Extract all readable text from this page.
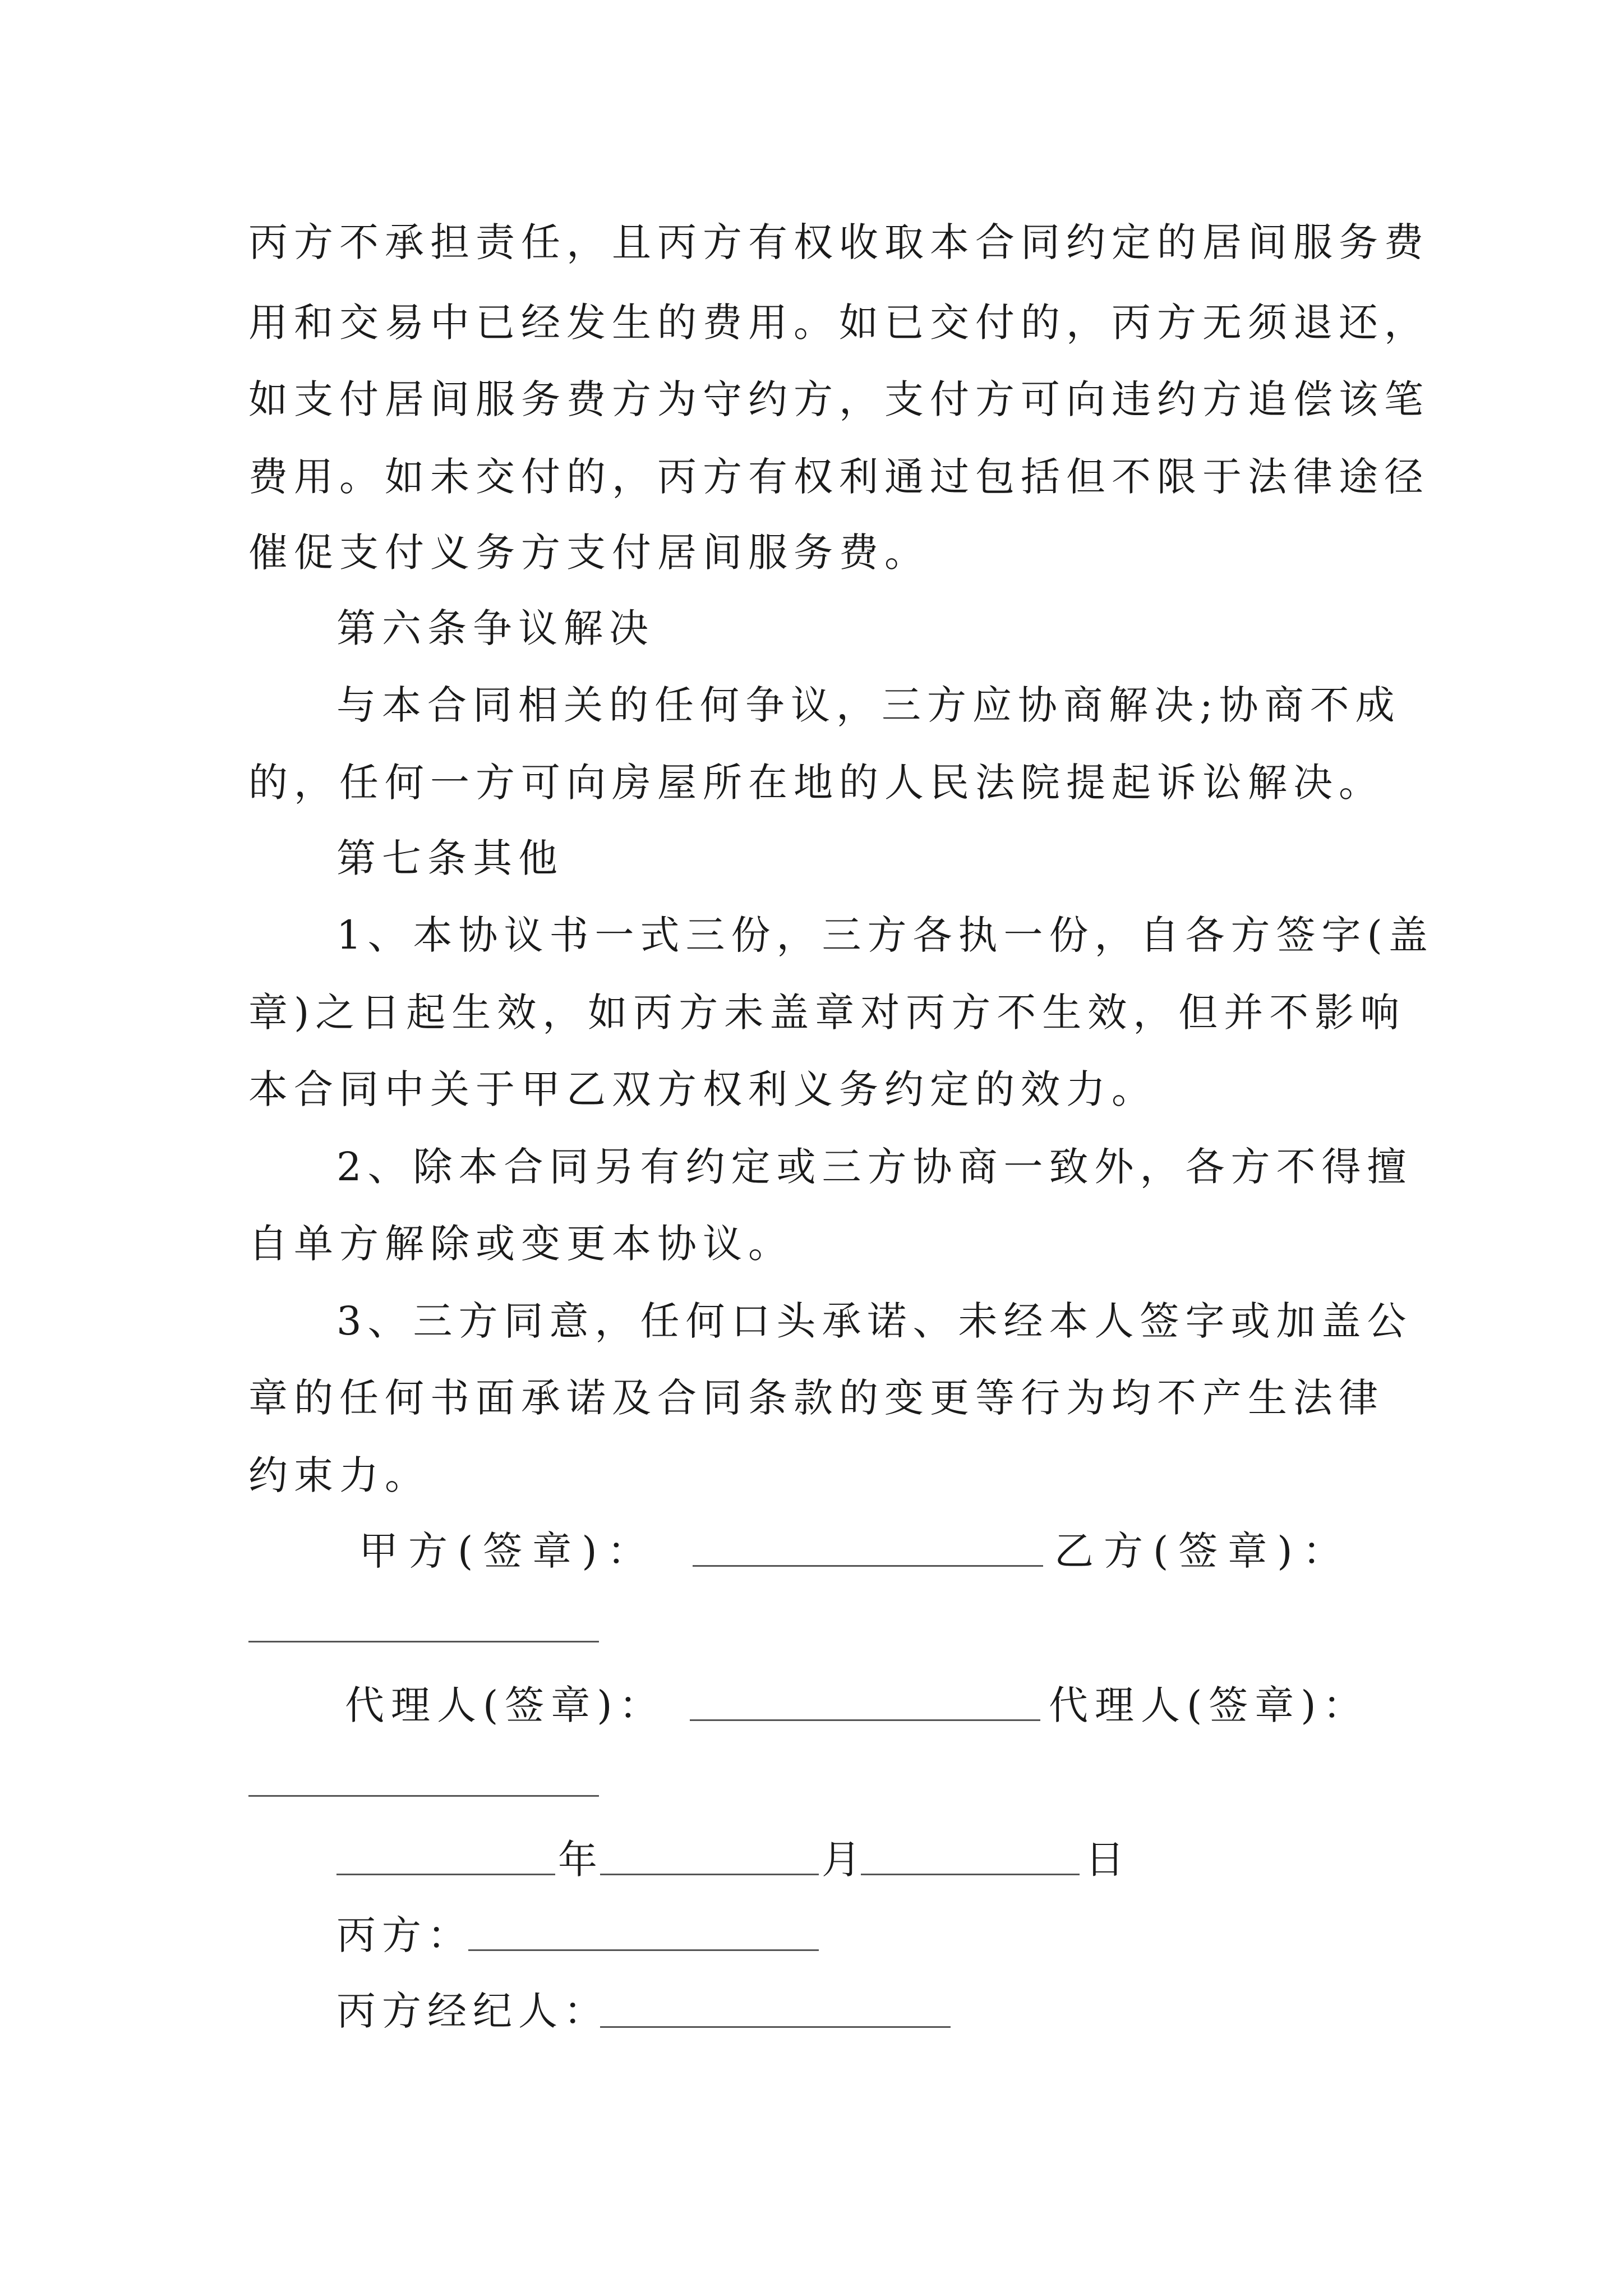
丙方不承担责任，且丙方有权收取本合同约定的居间服务费
用和交易中已经发生的费用。如已交付的，丙方无须退还，
如支付居间服务费方为守约方，支付方可向违约方追偿该笔
费用。如未交付的，丙方有权利通过包括但不限于法律途径
催促支付义务方支付居间服务费。
第六条争议解决
与本合同相关的任何争议，三方应协商解决;协商不成
的，任何一方可向房屋所在地的人民法院提起诉讼解决。
第七条其他
1、本协议书一式三份，三方各执一份，自各方签字(盖
章)之日起生效，如丙方未盖章对丙方不生效，但并不影响
本合同中关于甲乙双方权利义务约定的效力。
2、除本合同另有约定或三方协商一致外，各方不得擅
自单方解除或变更本协议。
3、三方同意，任何口头承诺、未经本人签字或加盖公
章的任何书面承诺及合同条款的变更等行为均不产生法律
约束力。
甲方(签章)：	乙方(签章)：
代理人(签章)：	代理人(签章)：
年	月	日
丙方：
丙方经纪人：
